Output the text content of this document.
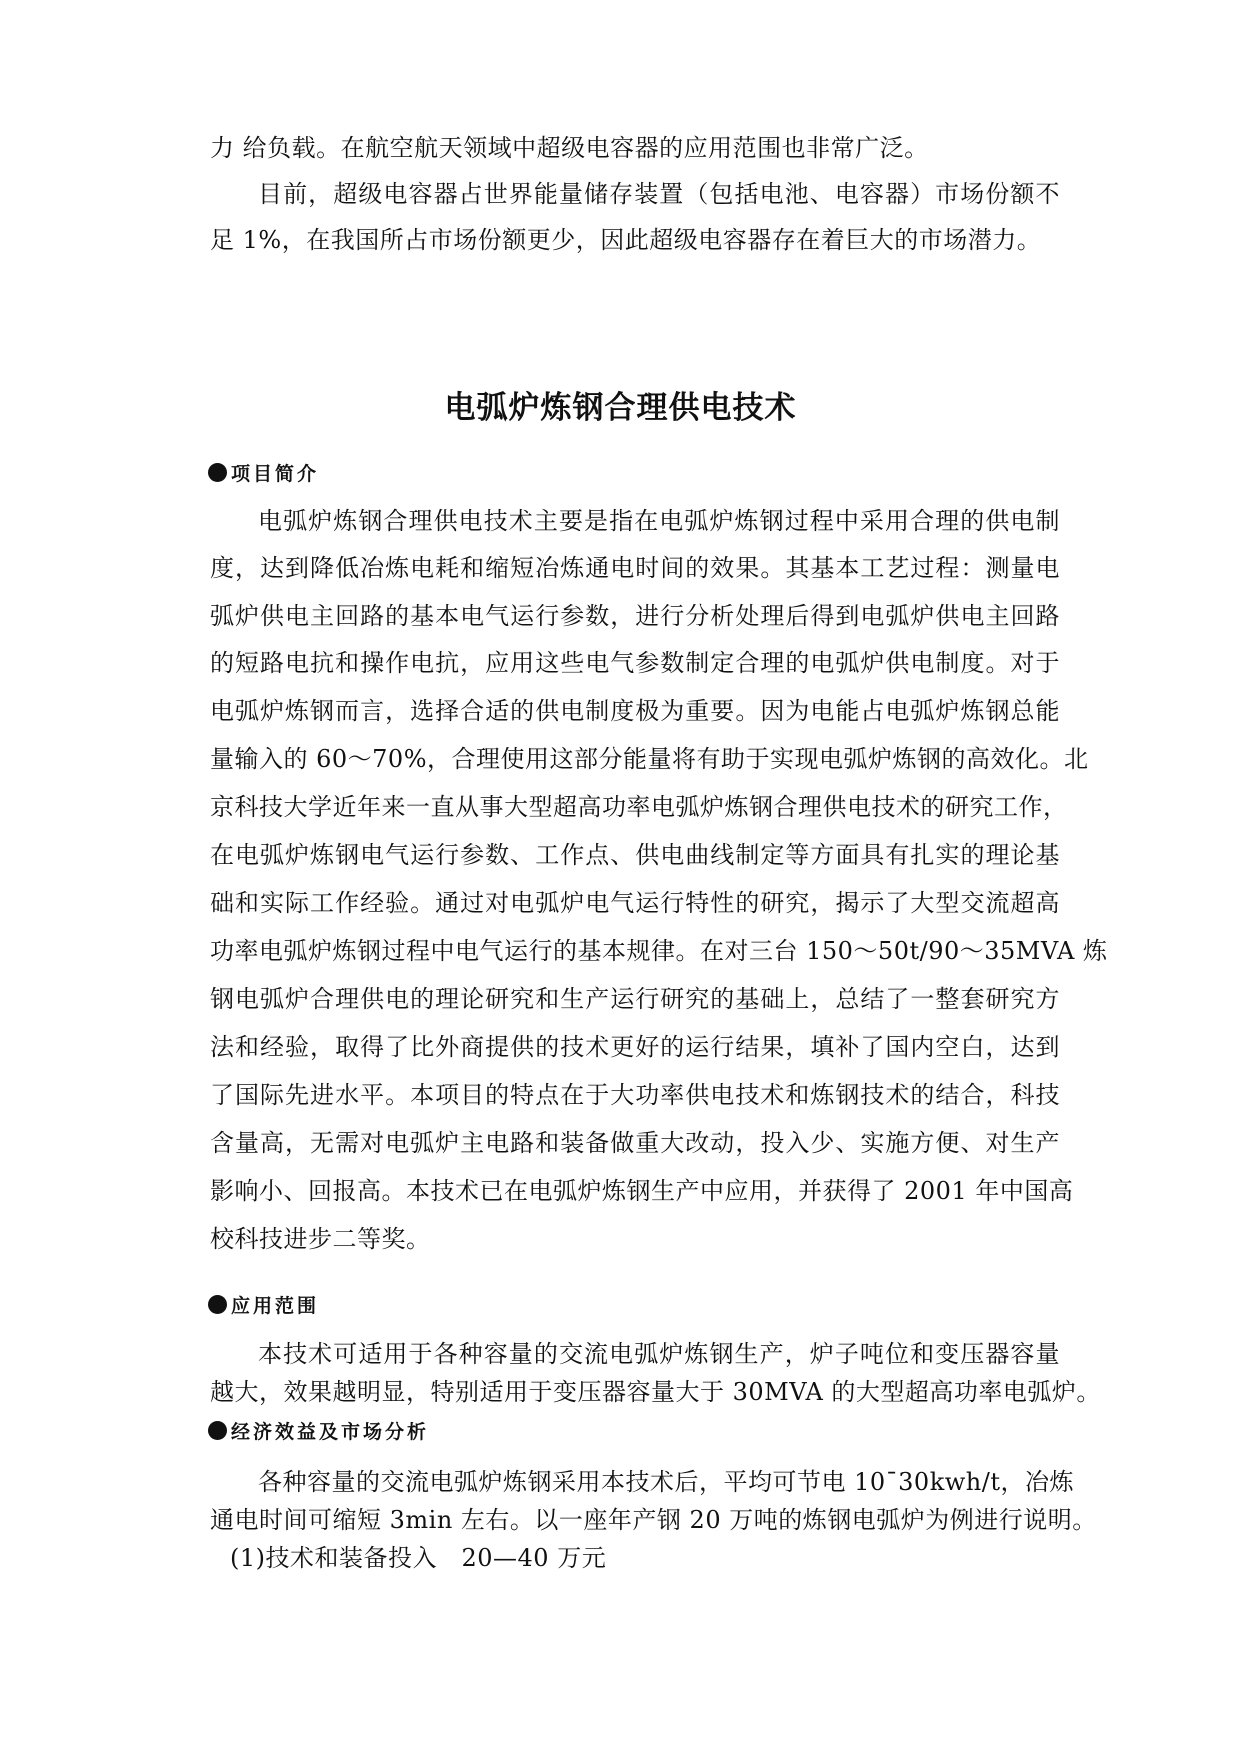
力 给负载。在航空航天领域中超级电容器的应用范围也非常广泛。
目前，超级电容器占世界能量储存装置（包括电池、电容器）市场份额不
足 1%，在我国所占市场份额更少，因此超级电容器存在着巨大的市场潜力。
电弧炉炼钢合理供电技术
项目简介
电弧炉炼钢合理供电技术主要是指在电弧炉炼钢过程中采用合理的供电制
度，达到降低冶炼电耗和缩短冶炼通电时间的效果。其基本工艺过程：测量电
弧炉供电主回路的基本电气运行参数，进行分析处理后得到电弧炉供电主回路
的短路电抗和操作电抗，应用这些电气参数制定合理的电弧炉供电制度。对于
电弧炉炼钢而言，选择合适的供电制度极为重要。因为电能占电弧炉炼钢总能
量输入的 60～70%，合理使用这部分能量将有助于实现电弧炉炼钢的高效化。北
京科技大学近年来一直从事大型超高功率电弧炉炼钢合理供电技术的研究工作，
在电弧炉炼钢电气运行参数、工作点、供电曲线制定等方面具有扎实的理论基
础和实际工作经验。通过对电弧炉电气运行特性的研究，揭示了大型交流超高
功率电弧炉炼钢过程中电气运行的基本规律。在对三台 150～50t/90～35MVA 炼
钢电弧炉合理供电的理论研究和生产运行研究的基础上，总结了一整套研究方
法和经验，取得了比外商提供的技术更好的运行结果，填补了国内空白，达到
了国际先进水平。本项目的特点在于大功率供电技术和炼钢技术的结合，科技
含量高，无需对电弧炉主电路和装备做重大改动，投入少、实施方便、对生产
影响小、回报高。本技术已在电弧炉炼钢生产中应用，并获得了 2001 年中国高
校科技进步二等奖。
应用范围
本技术可适用于各种容量的交流电弧炉炼钢生产，炉子吨位和变压器容量
越大，效果越明显，特别适用于变压器容量大于 30MVA 的大型超高功率电弧炉。
经济效益及市场分析
各种容量的交流电弧炉炼钢采用本技术后，平均可节电 10¯30kwh/t，冶炼
通电时间可缩短 3min 左右。以一座年产钢 20 万吨的炼钢电弧炉为例进行说明。
(1)技术和装备投入　20—40 万元
